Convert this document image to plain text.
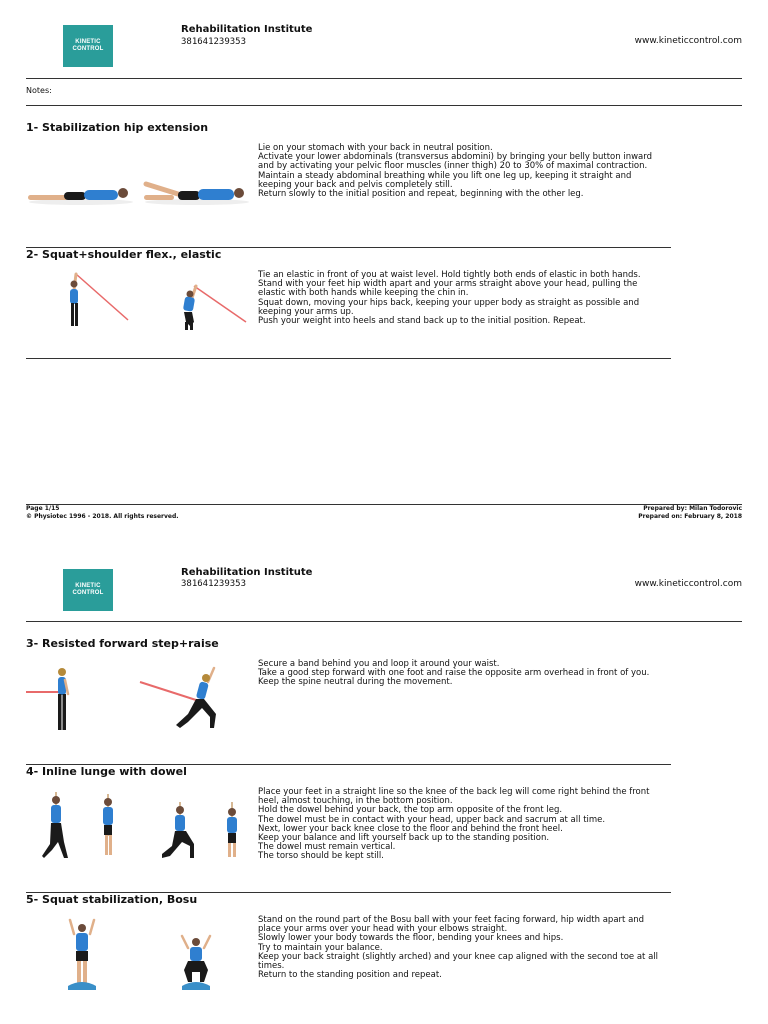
KINETIC
CONTROL
Rehabilitation Institute
381641239353	www.kineticcontrol.com
Notes:
1- Stabilization hip extension
Lie on your stomach with your back in neutral position.
Activate your lower abdominals (transversus abdomini) by bringing your belly button inward
and by activating your pelvic floor muscles (inner thigh) 20 to 30% of maximal contraction.
Maintain a steady abdominal breathing while you lift one leg up, keeping it straight and
keeping your back and pelvis completely still.
Return slowly to the initial position and repeat, beginning with the other leg.
2- Squat+shoulder flex., elastic
Tie an elastic in front of you at waist level. Hold tightly both ends of elastic in both hands.
Stand with your feet hip width apart and your arms straight above your head, pulling the
elastic with both hands while keeping the chin in.
Squat down, moving your hips back, keeping your upper body as straight as possible and
keeping your arms up.
Push your weight into heels and stand back up to the initial position. Repeat.
Page 1/15
© Physiotec 1996 - 2018. All rights reserved.
Prepared by: Milan Todorovic
Prepared on: February 8, 2018
KINETIC
CONTROL
Rehabilitation Institute
381641239353	www.kineticcontrol.com
3- Resisted forward step+raise
Secure a band behind you and loop it around your waist.
Take a good step forward with one foot and raise the opposite arm overhead in front of you.
Keep the spine neutral during the movement.
4- Inline lunge with dowel
Place your feet in a straight line so the knee of the back leg will come right behind the front
heel, almost touching, in the bottom position.
Hold the dowel behind your back, the top arm opposite of the front leg.
The dowel must be in contact with your head, upper back and sacrum at all time.
Next, lower your back knee close to the floor and behind the front heel.
Keep your balance and lift yourself back up to the standing position.
The dowel must remain vertical.
The torso should be kept still.
5- Squat stabilization, Bosu
Stand on the round part of the Bosu ball with your feet facing forward, hip width apart and
place your arms over your head with your elbows straight.
Slowly lower your body towards the floor, bending your knees and hips.
Try to maintain your balance.
Keep your back straight (slightly arched) and your knee cap aligned with the second toe at all
times.
Return to the standing position and repeat.
